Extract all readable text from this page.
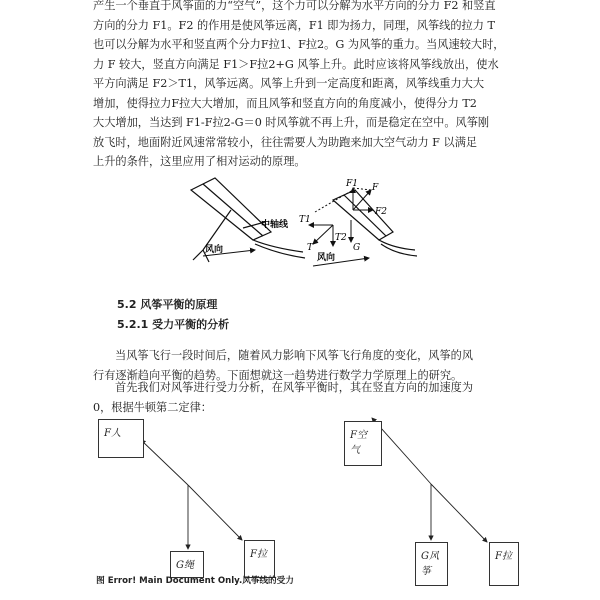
产生一个垂直于风筝面的力“空气”，这个力可以分解为水平方向的分力 F2 和竖直
方向的分力 F1。F2 的作用是使风筝远离，F1 即为扬力，同理，风筝线的拉力 T
也可以分解为水平和竖直两个分力F拉1、F拉2。G 为风筝的重力。当风速较大时，
力 F 较大，竖直方向满足 F1＞F拉2+G 风筝上升。此时应该将风筝线放出，使水
平方向满足 F2＞T1，风筝远离。风筝上升到一定高度和距离，风筝线重力大大
增加，使得拉力F拉大大增加，而且风筝和竖直方向的角度减小，使得分力 T2
大大增加，当达到 F1-F拉2-G＝0 时风筝就不再上升，而是稳定在空中。风筝刚
放飞时，地面附近风速常常较小，往往需要人为助跑来加大空气动力 F 以满足
上升的条件，这里应用了相对运动的原理。
中轴线
风向
F1 F
F2
T1
T2
T	G
风向
5.2 风筝平衡的原理
5.2.1 受力平衡的分析
当风筝飞行一段时间后，随着风力影响下风筝飞行角度的变化，风筝的风
行有逐渐趋向平衡的趋势。下面想就这一趋势进行数学力学原理上的研究。
首先我们对风筝进行受力分析，在风筝平衡时，其在竖直方向的加速度为
0，根据牛顿第二定律：
F人
G绳
F拉
F空气
G风筝
F拉
图 Error! Main Document Only.风筝线的受力
